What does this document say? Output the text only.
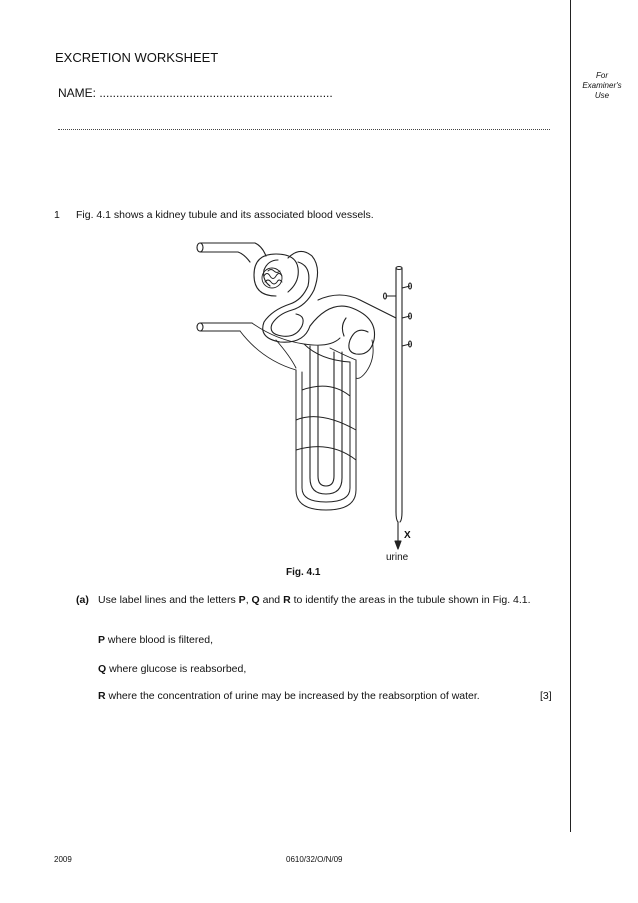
EXCRETION WORKSHEET
NAME: ......................................................................
For
Examiner's
Use
1 Fig. 4.1 shows a kidney tubule and its associated blood vessels.
X
urine
Fig. 4.1
(a) Use label lines and the letters P, Q and R to identify the areas in the tubule shown in Fig. 4.1.
P where blood is filtered,
Q where glucose is reabsorbed,
R where the concentration of urine may be increased by the reabsorption of water.	[3]
2009	0610/32/O/N/09
